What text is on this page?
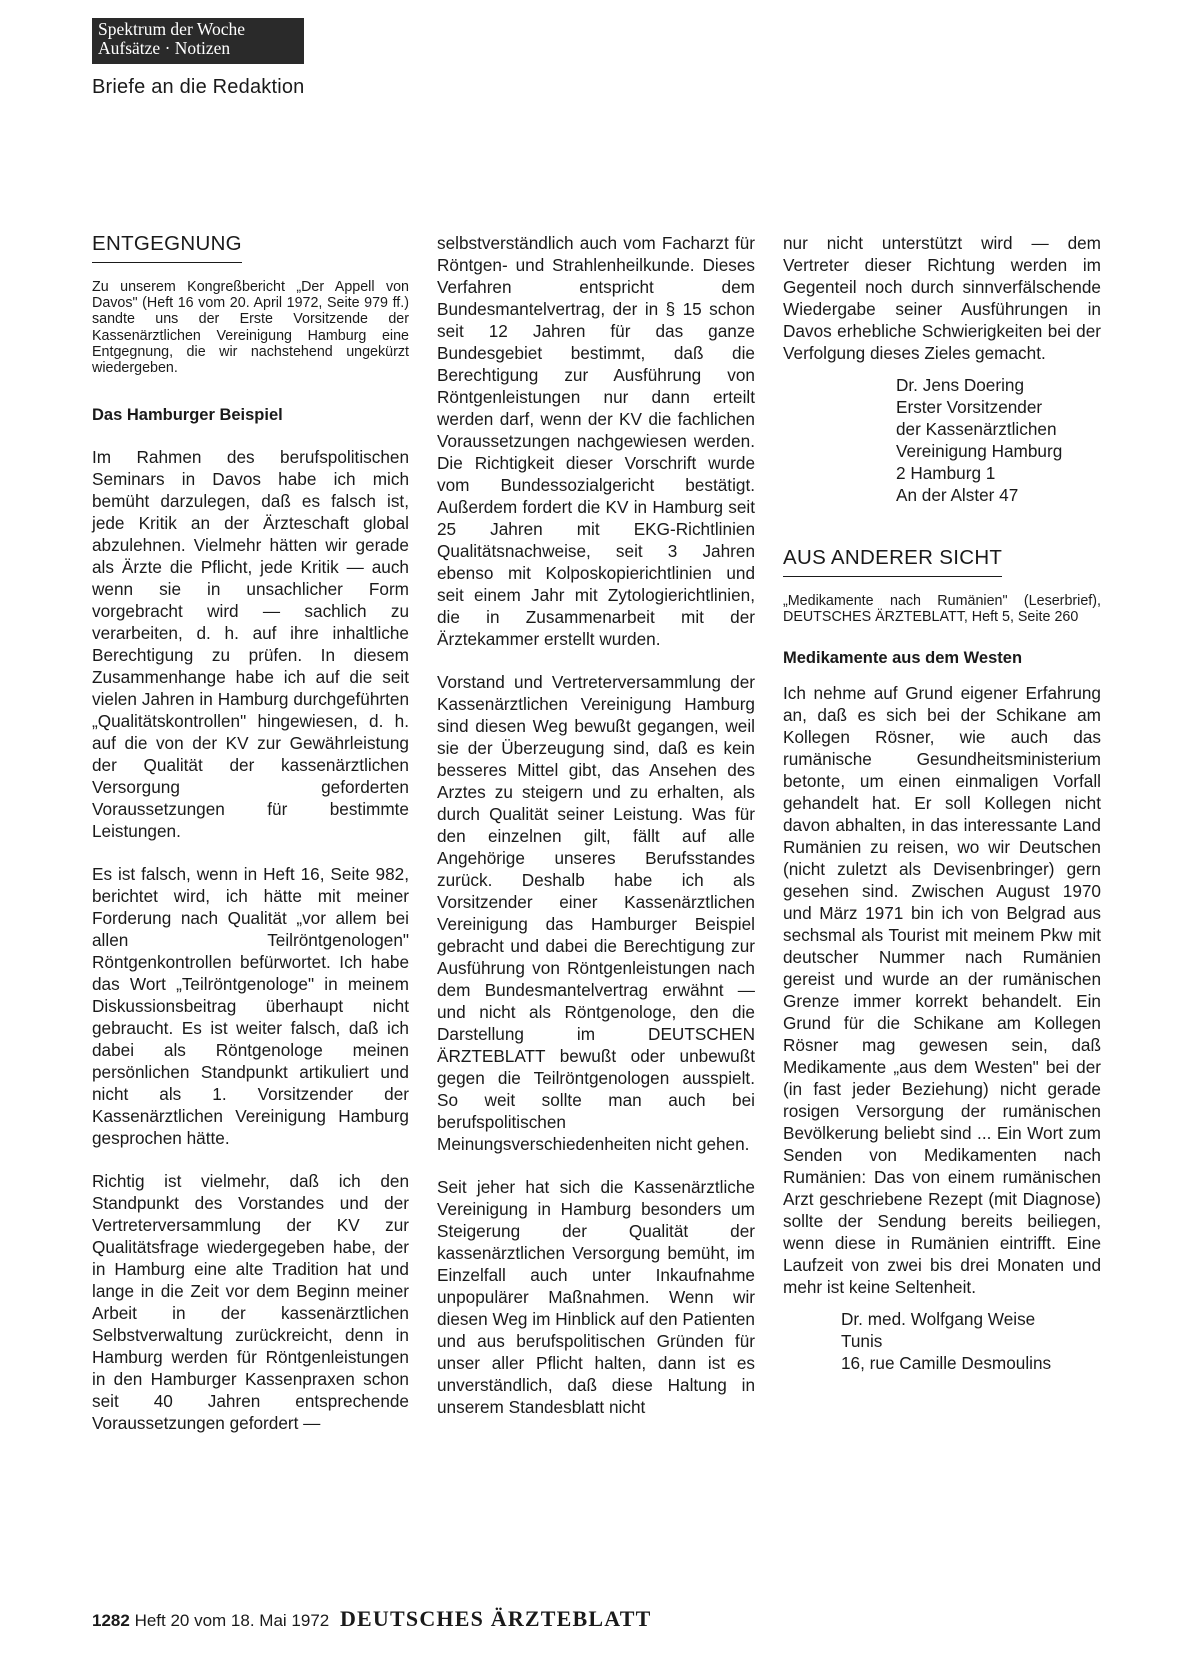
Spektrum der Woche
Aufsätze · Notizen
Briefe an die Redaktion
ENTGEGNUNG

Zu unserem Kongreßbericht „Der Appell von Davos" (Heft 16 vom 20. April 1972, Seite 979 ff.) sandte uns der Erste Vorsitzende der Kassenärztlichen Vereinigung Hamburg eine Entgegnung, die wir nachstehend ungekürzt wiedergeben.

Das Hamburger Beispiel

Im Rahmen des berufspolitischen Seminars in Davos habe ich mich bemüht darzulegen, daß es falsch ist, jede Kritik an der Ärzteschaft global abzulehnen. Vielmehr hätten wir gerade als Ärzte die Pflicht, jede Kritik — auch wenn sie in unsachlicher Form vorgebracht wird — sachlich zu verarbeiten, d. h. auf ihre inhaltliche Berechtigung zu prüfen. In diesem Zusammenhange habe ich auf die seit vielen Jahren in Hamburg durchgeführten „Qualitätskontrollen" hingewiesen, d. h. auf die von der KV zur Gewährleistung der Qualität der kassenärztlichen Versorgung geforderten Voraussetzungen für bestimmte Leistungen.

Es ist falsch, wenn in Heft 16, Seite 982, berichtet wird, ich hätte mit meiner Forderung nach Qualität „vor allem bei allen Teilröntgenologen" Röntgenkontrollen befürwortet. Ich habe das Wort „Teilröntgenologe" in meinem Diskussionsbeitrag überhaupt nicht gebraucht. Es ist weiter falsch, daß ich dabei als Röntgenologe meinen persönlichen Standpunkt artikuliert und nicht als 1. Vorsitzender der Kassenärztlichen Vereinigung Hamburg gesprochen hätte.

Richtig ist vielmehr, daß ich den Standpunkt des Vorstandes und der Vertreterversammlung der KV zur Qualitätsfrage wiedergegeben habe, der in Hamburg eine alte Tradition hat und lange in die Zeit vor dem Beginn meiner Arbeit in der kassenärztlichen Selbstverwaltung zurückreicht, denn in Hamburg werden für Röntgenleistungen in den Hamburger Kassenpraxen schon seit 40 Jahren entsprechende Voraussetzungen gefordert —

selbstverständlich auch vom Facharzt für Röntgen- und Strahlenheilkunde. Dieses Verfahren entspricht dem Bundesmantelvertrag, der in § 15 schon seit 12 Jahren für das ganze Bundesgebiet bestimmt, daß die Berechtigung zur Ausführung von Röntgenleistungen nur dann erteilt werden darf, wenn der KV die fachlichen Voraussetzungen nachgewiesen werden. Die Richtigkeit dieser Vorschrift wurde vom Bundessozialgericht bestätigt. Außerdem fordert die KV in Hamburg seit 25 Jahren mit EKG-Richtlinien Qualitätsnachweise, seit 3 Jahren ebenso mit Kolposkopierichtlinien und seit einem Jahr mit Zytologierichtlinien, die in Zusammenarbeit mit der Ärztekammer erstellt wurden.

Vorstand und Vertreterversammlung der Kassenärztlichen Vereinigung Hamburg sind diesen Weg bewußt gegangen, weil sie der Überzeugung sind, daß es kein besseres Mittel gibt, das Ansehen des Arztes zu steigern und zu erhalten, als durch Qualität seiner Leistung. Was für den einzelnen gilt, fällt auf alle Angehörige unseres Berufsstandes zurück. Deshalb habe ich als Vorsitzender einer Kassenärztlichen Vereinigung das Hamburger Beispiel gebracht und dabei die Berechtigung zur Ausführung von Röntgenleistungen nach dem Bundesmantelvertrag erwähnt — und nicht als Röntgenologe, den die Darstellung im DEUTSCHEN ÄRZTEBLATT bewußt oder unbewußt gegen die Teilröntgenologen ausspielt. So weit sollte man auch bei berufspolitischen Meinungsverschiedenheiten nicht gehen.

Seit jeher hat sich die Kassenärztliche Vereinigung in Hamburg besonders um Steigerung der Qualität der kassenärztlichen Versorgung bemüht, im Einzelfall auch unter Inkaufnahme unpopulärer Maßnahmen. Wenn wir diesen Weg im Hinblick auf den Patienten und aus berufspolitischen Gründen für unser aller Pflicht halten, dann ist es unverständlich, daß diese Haltung in unserem Standesblatt nicht

nur nicht unterstützt wird — dem Vertreter dieser Richtung werden im Gegenteil noch durch sinnverfälschende Wiedergabe seiner Ausführungen in Davos erhebliche Schwierigkeiten bei der Verfolgung dieses Zieles gemacht.

Dr. Jens Doering
Erster Vorsitzender
der Kassenärztlichen
Vereinigung Hamburg
2 Hamburg 1
An der Alster 47
AUS ANDERER SICHT

„Medikamente nach Rumänien" (Leserbrief), DEUTSCHES ÄRZTEBLATT, Heft 5, Seite 260

Medikamente aus dem Westen

Ich nehme auf Grund eigener Erfahrung an, daß es sich bei der Schikane am Kollegen Rösner, wie auch das rumänische Gesundheitsministerium betonte, um einen einmaligen Vorfall gehandelt hat. Er soll Kollegen nicht davon abhalten, in das interessante Land Rumänien zu reisen, wo wir Deutschen (nicht zuletzt als Devisenbringer) gern gesehen sind. Zwischen August 1970 und März 1971 bin ich von Belgrad aus sechsmal als Tourist mit meinem Pkw mit deutscher Nummer nach Rumänien gereist und wurde an der rumänischen Grenze immer korrekt behandelt. Ein Grund für die Schikane am Kollegen Rösner mag gewesen sein, daß Medikamente „aus dem Westen" bei der (in fast jeder Beziehung) nicht gerade rosigen Versorgung der rumänischen Bevölkerung beliebt sind ... Ein Wort zum Senden von Medikamenten nach Rumänien: Das von einem rumänischen Arzt geschriebene Rezept (mit Diagnose) sollte der Sendung bereits beiliegen, wenn diese in Rumänien eintrifft. Eine Laufzeit von zwei bis drei Monaten und mehr ist keine Seltenheit.

Dr. med. Wolfgang Weise
Tunis
16, rue Camille Desmoulins
1282 Heft 20 vom 18. Mai 1972 DEUTSCHES ÄRZTEBLATT
